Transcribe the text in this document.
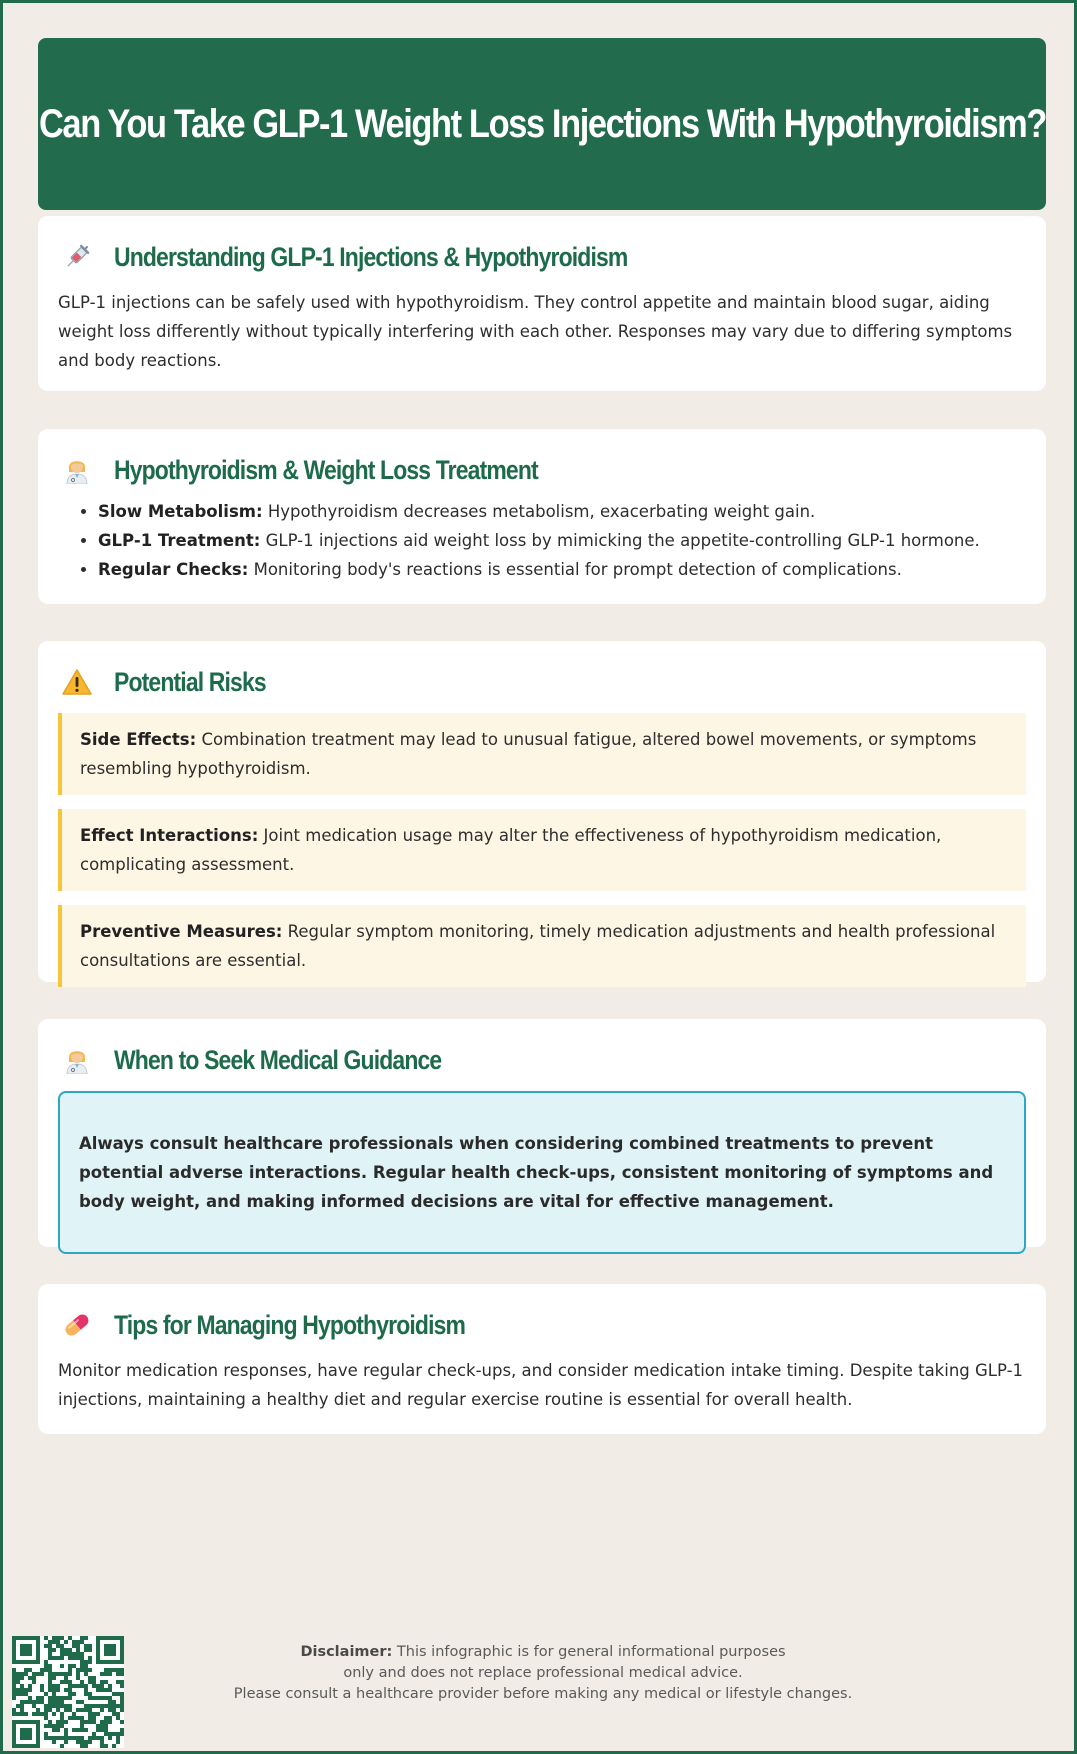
Can You Take GLP-1 Weight Loss Injections With Hypothyroidism?
Understanding GLP-1 Injections & Hypothyroidism

GLP-1 injections can be safely used with hypothyroidism. They control appetite and maintain blood sugar, aiding weight loss differently without typically interfering with each other. Responses may vary due to differing symptoms and body reactions.

Hypothyroidism & Weight Loss Treatment
• Slow Metabolism: Hypothyroidism decreases metabolism, exacerbating weight gain.
• GLP-1 Treatment: GLP-1 injections aid weight loss by mimicking the appetite-controlling GLP-1 hormone.
• Regular Checks: Monitoring body's reactions is essential for prompt detection of complications.
Potential Risks
Side Effects: Combination treatment may lead to unusual fatigue, altered bowel movements, or symptoms resembling hypothyroidism.
Effect Interactions: Joint medication usage may alter the effectiveness of hypothyroidism medication, complicating assessment.
Preventive Measures: Regular symptom monitoring, timely medication adjustments and health professional consultations are essential.
When to Seek Medical Guidance
Always consult healthcare professionals when considering combined treatments to prevent potential adverse interactions. Regular health check-ups, consistent monitoring of symptoms and body weight, and making informed decisions are vital for effective management.
Tips for Managing Hypothyroidism

Monitor medication responses, have regular check-ups, and consider medication intake timing. Despite taking GLP-1 injections, maintaining a healthy diet and regular exercise routine is essential for overall health.

Disclaimer: This infographic is for general informational purposes
only and does not replace professional medical advice.
Please consult a healthcare provider before making any medical or lifestyle changes.
